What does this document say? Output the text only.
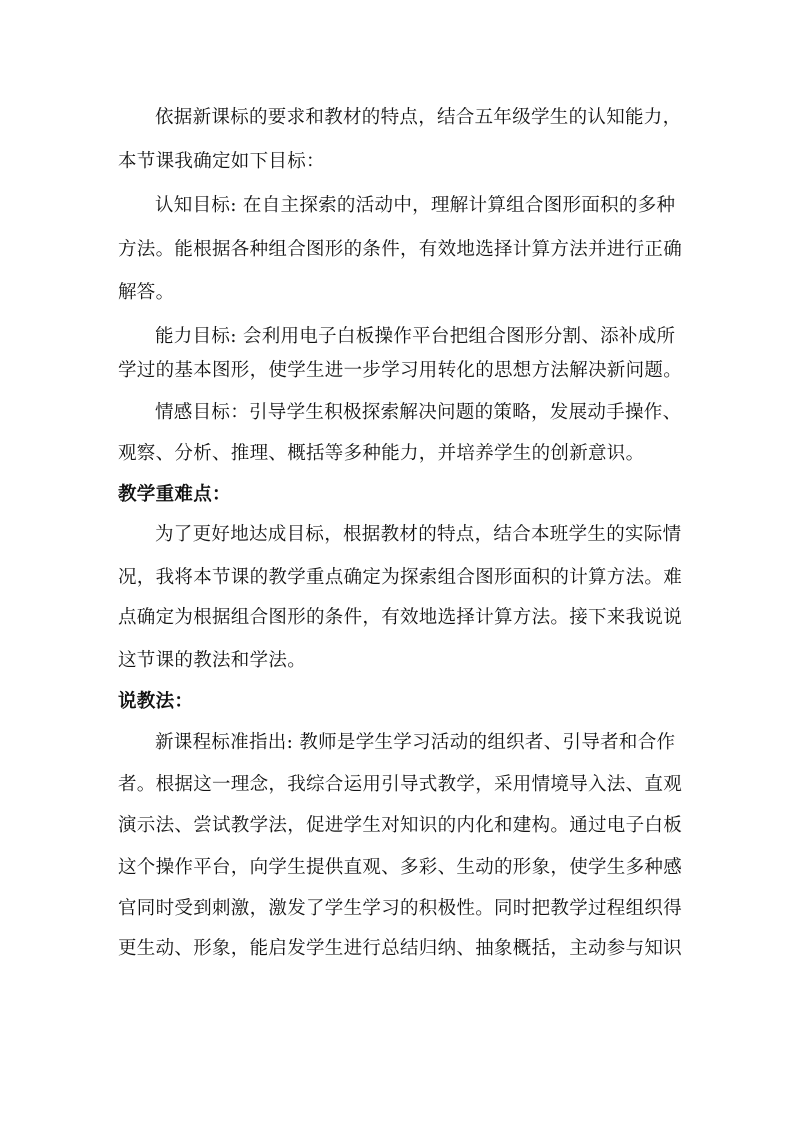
依据新课标的要求和教材的特点，结合五年级学生的认知能力，
本节课我确定如下目标：
认知目标: 在自主探索的活动中，理解计算组合图形面积的多种
方法。能根据各种组合图形的条件，有效地选择计算方法并进行正确
解答。
能力目标: 会利用电子白板操作平台把组合图形分割、添补成所
学过的基本图形，使学生进一步学习用转化的思想方法解决新问题。
情感目标：引导学生积极探索解决问题的策略，发展动手操作、
观察、分析、推理、概括等多种能力，并培养学生的创新意识。
教学重难点：
为了更好地达成目标，根据教材的特点，结合本班学生的实际情
况，我将本节课的教学重点确定为探索组合图形面积的计算方法。难
点确定为根据组合图形的条件，有效地选择计算方法。接下来我说说
这节课的教法和学法。
说教法：
新课程标准指出: 教师是学生学习活动的组织者、引导者和合作
者。根据这一理念，我综合运用引导式教学，采用情境导入法、直观
演示法、尝试教学法，促进学生对知识的内化和建构。通过电子白板
这个操作平台，向学生提供直观、多彩、生动的形象，使学生多种感
官同时受到刺激，激发了学生学习的积极性。同时把教学过程组织得
更生动、形象，能启发学生进行总结归纳、抽象概括，主动参与知识
